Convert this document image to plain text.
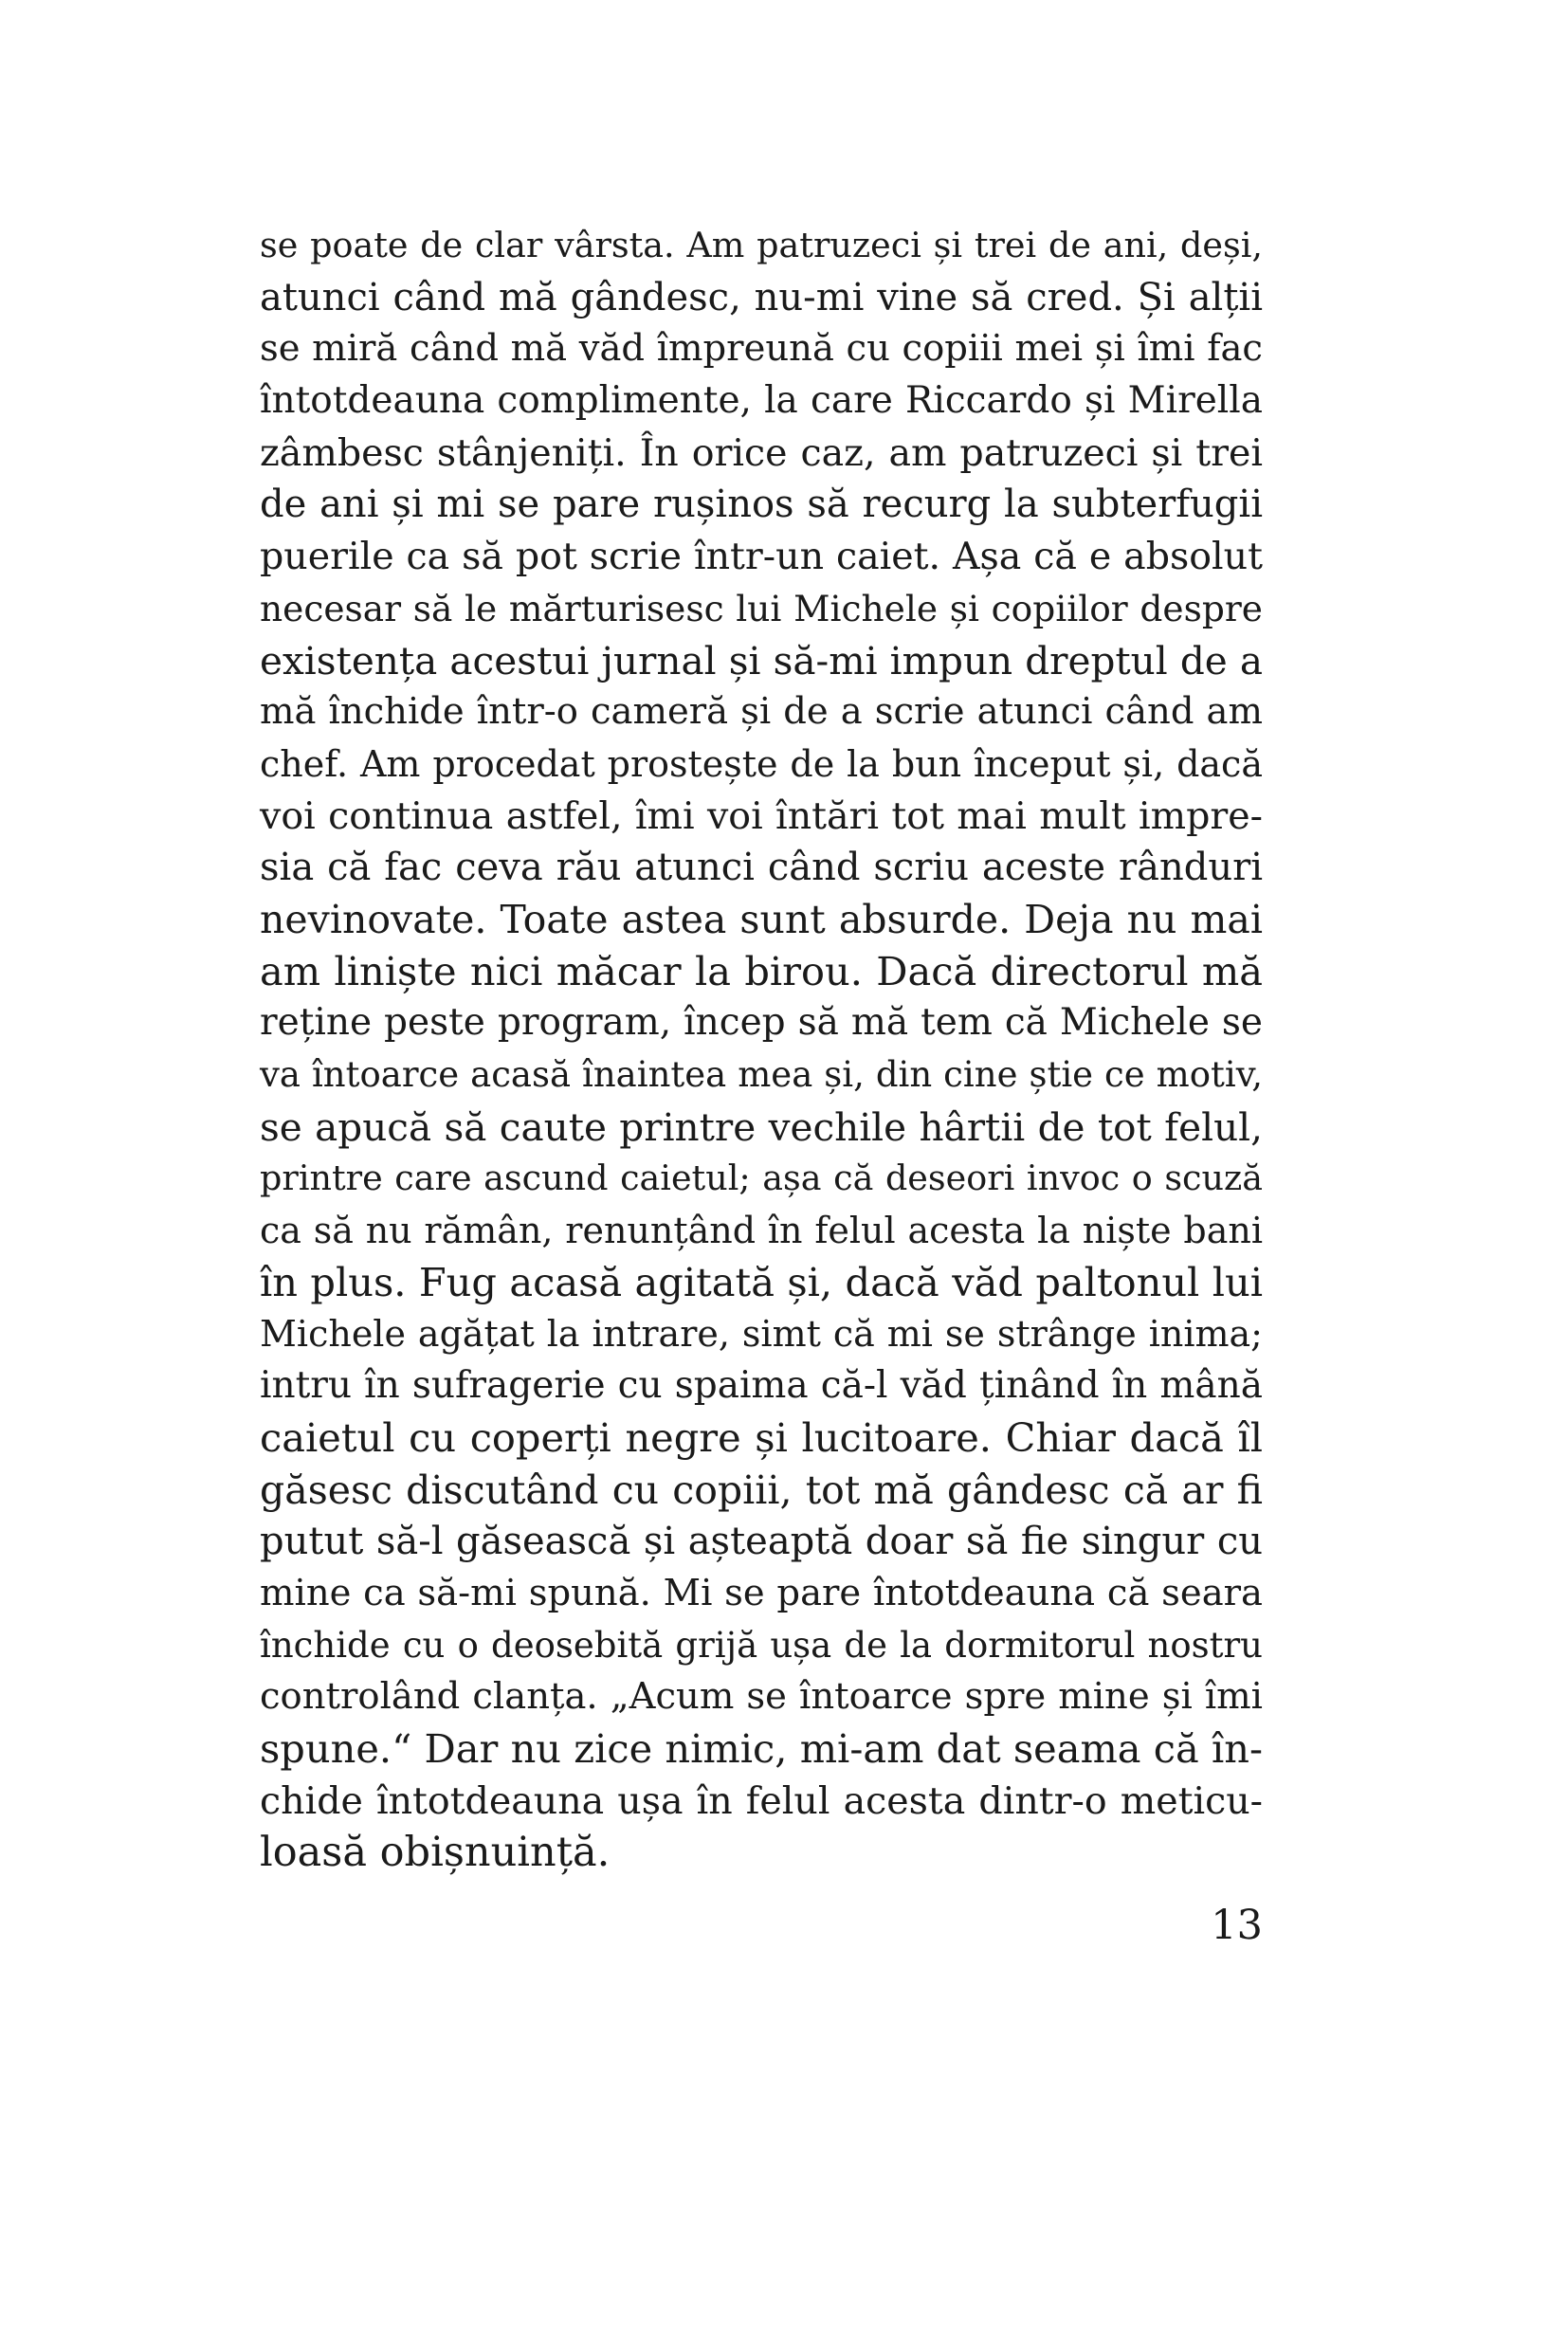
se poate de clar vârsta. Am patruzeci și trei de ani, deși,
atunci când mă gândesc, nu-mi vine să cred. Și alții
se miră când mă văd împreună cu copiii mei și îmi fac
întotdeauna complimente, la care Riccardo și Mirella
zâmbesc stânjeniți. În orice caz, am patruzeci și trei
de ani și mi se pare rușinos să recurg la subterfugii
puerile ca să pot scrie într-un caiet. Așa că e absolut
necesar să le mărturisesc lui Michele și copiilor despre
existența acestui jurnal și să-mi impun dreptul de a
mă închide într-o cameră și de a scrie atunci când am
chef. Am procedat prostește de la bun început și, dacă
voi continua astfel, îmi voi întări tot mai mult impre-
sia că fac ceva rău atunci când scriu aceste rânduri
nevinovate. Toate astea sunt absurde. Deja nu mai
am liniște nici măcar la birou. Dacă directorul mă
reține peste program, încep să mă tem că Michele se
va întoarce acasă înaintea mea și, din cine știe ce motiv,
se apucă să caute printre vechile hârtii de tot felul,
printre care ascund caietul; așa că deseori invoc o scuză
ca să nu rămân, renunțând în felul acesta la niște bani
în plus. Fug acasă agitată și, dacă văd paltonul lui
Michele agățat la intrare, simt că mi se strânge inima;
intru în sufragerie cu spaima că-l văd ținând în mână
caietul cu coperți negre și lucitoare. Chiar dacă îl
găsesc discutând cu copiii, tot mă gândesc că ar fi
putut să-l găsească și așteaptă doar să fie singur cu
mine ca să-mi spună. Mi se pare întotdeauna că seara
închide cu o deosebită grijă ușa de la dormitorul nostru
controlând clanța. „Acum se întoarce spre mine și îmi
spune.“ Dar nu zice nimic, mi-am dat seama că în-
chide întotdeauna ușa în felul acesta dintr-o meticu-
loasă obișnuință.
13
